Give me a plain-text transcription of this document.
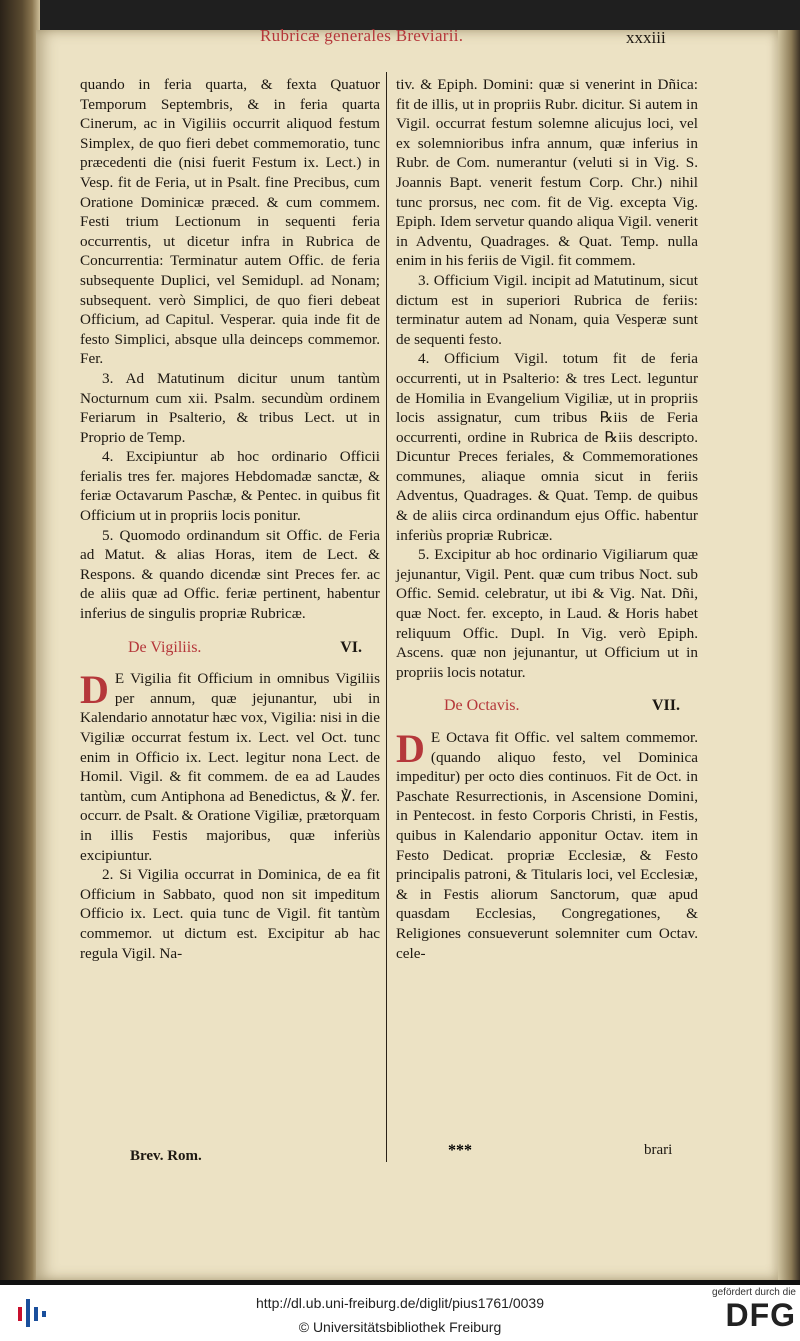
Rubricæ generales Breviarii.	xxxiii

quando in feria quarta, & fexta Quatuor Temporum Septembris, & in feria quarta Cinerum, ac in Vigiliis occurrit aliquod festum Simplex, de quo fieri debet commemoratio, tunc præcedenti die (nisi fuerit Festum ix. Lect.) in Vesp. fit de Feria, ut in Psalt. fine Precibus, cum Oratione Dominicæ præced. & cum commem. Festi trium Lectionum in sequenti feria occurrentis, ut dicetur infra in Rubrica de Concurrentia: Terminatur autem Offic. de feria subsequente Duplici, vel Semidupl. ad Nonam; subsequent. verò Simplici, de quo fieri debeat Officium, ad Capitul. Vesperar. quia inde fit de festo Simplici, absque ulla deinceps commemor. Fer.

3. Ad Matutinum dicitur unum tantùm Nocturnum cum xii. Psalm. secundùm ordinem Feriarum in Psalterio, & tribus Lect. ut in Proprio de Temp.

4. Excipiuntur ab hoc ordinario Officii ferialis tres fer. majores Hebdomadæ sanctæ, & feriæ Octavarum Paschæ, & Pentec. in quibus fit Officium ut in propriis locis ponitur.

5. Quomodo ordinandum sit Offic. de Feria ad Matut. & alias Horas, item de Lect. & Respons. & quando dicendæ sint Preces fer. ac de aliis quæ ad Offic. feriæ pertinent, habentur inferius de singulis propriæ Rubricæ.

De Vigiliis.	VI.

D E Vigilia fit Officium in omnibus Vigiliis per annum, quæ jejunantur, ubi in Kalendario annotatur hæc vox, Vigilia: nisi in die Vigiliæ occurrat festum ix. Lect. vel Oct. tunc enim in Officio ix. Lect. legitur nona Lect. de Homil. Vigil. & fit commem. de ea ad Laudes tantùm, cum Antiphona ad Benedictus, & ℣. fer. occurr. de Psalt. & Oratione Vigiliæ, prætorquam in illis Festis majoribus, quæ inferiùs excipiuntur.

2. Si Vigilia occurrat in Dominica, de ea fit Officium in Sabbato, quod non sit impeditum Officio ix. Lect. quia tunc de Vigil. fit tantùm commemor. ut dictum est. Excipitur ab hac regula Vigil. Na-

tiv. & Epiph. Domini: quæ si venerint in Dñica: fit de illis, ut in propriis Rubr. dicitur. Si autem in Vigil. occurrat festum solemne alicujus loci, vel ex solemnioribus infra annum, quæ inferius in Rubr. de Com. numerantur (veluti si in Vig. S. Joannis Bapt. venerit festum Corp. Chr.) nihil tunc prorsus, nec com. fit de Vig. excepta Vig. Epiph. Idem servetur quando aliqua Vigil. venerit in Adventu, Quadrages. & Quat. Temp. nulla enim in his feriis de Vigil. fit commem.

3. Officium Vigil. incipit ad Matutinum, sicut dictum est in superiori Rubrica de feriis: terminatur autem ad Nonam, quia Vesperæ sunt de sequenti festo.

4. Officium Vigil. totum fit de feria occurrenti, ut in Psalterio: & tres Lect. leguntur de Homilia in Evangelium Vigiliæ, ut in propriis locis assignatur, cum tribus ℞iis de Feria occurrenti, ordine in Rubrica de ℞iis descripto. Dicuntur Preces feriales, & Commemorationes communes, aliaque omnia sicut in feriis Adventus, Quadrages. & Quat. Temp. de quibus & de aliis circa ordinandum ejus Offic. habentur inferiùs propriæ Rubricæ.

5. Excipitur ab hoc ordinario Vigiliarum quæ jejunantur, Vigil. Pent. quæ cum tribus Noct. sub Offic. Semid. celebratur, ut ibi & Vig. Nat. Dñi, quæ Noct. fer. excepto, in Laud. & Horis habet reliquum Offic. Dupl. In Vig. verò Epiph. Ascens. quæ non jejunantur, ut Officium ut in propriis locis notatur.

De Octavis.	VII.

D E Octava fit Offic. vel saltem commemor. (quando aliquo festo, vel Dominica impeditur) per octo dies continuos. Fit de Oct. in Paschate Resurrectionis, in Ascensione Domini, in Pentecost. in festo Corporis Christi, in Festis, quibus in Kalendario apponitur Octav. item in Festo Dedicat. propriæ Ecclesiæ, & Festo principalis patroni, & Titularis loci, vel Ecclesiæ, & in Festis aliorum Sanctorum, quæ apud quasdam Ecclesias, Congregationes, & Religiones consueverunt solemniter cum Octav. cele-

Brev. Rom.	***	brari
http://dl.ub.uni-freiburg.de/diglit/pius1761/0039
© Universitätsbibliothek Freiburg
gefördert durch die
DFG
